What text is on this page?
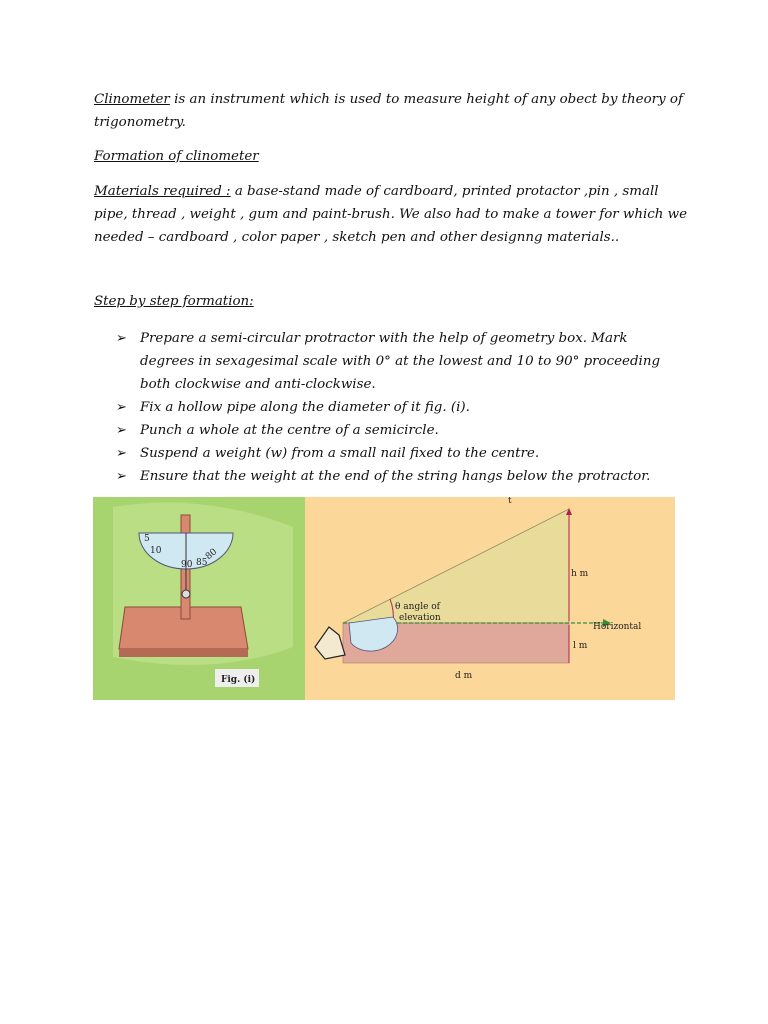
Clinometer is an instrument which is used to measure height of any obect by theory of trigonometry.
Formation of clinometer
Materials required : a base-stand made of cardboard, printed protactor ,pin , small pipe, thread , weight , gum and paint-brush. We also had to make a tower for which we needed – cardboard , color paper , sketch pen and other designng materials..
Step by step formation:
➢ Prepare a semi-circular protractor with the help of geometry box. Mark degrees in sexagesimal scale with 0° at the lowest and 10 to 90° proceeding both clockwise and anti-clockwise.
➢ Fix a hollow pipe along the diameter of it fig. (i).
➢ Punch a whole at the centre of a semicircle.
➢ Suspend a weight (w) from a small nail fixed to the centre.
➢ Ensure that the weight at the end of the string hangs below the protractor.
5
10
90 85
80
Fig. (i)
Horizontal
h m
l m
d m
t
θ angle of
elevation
